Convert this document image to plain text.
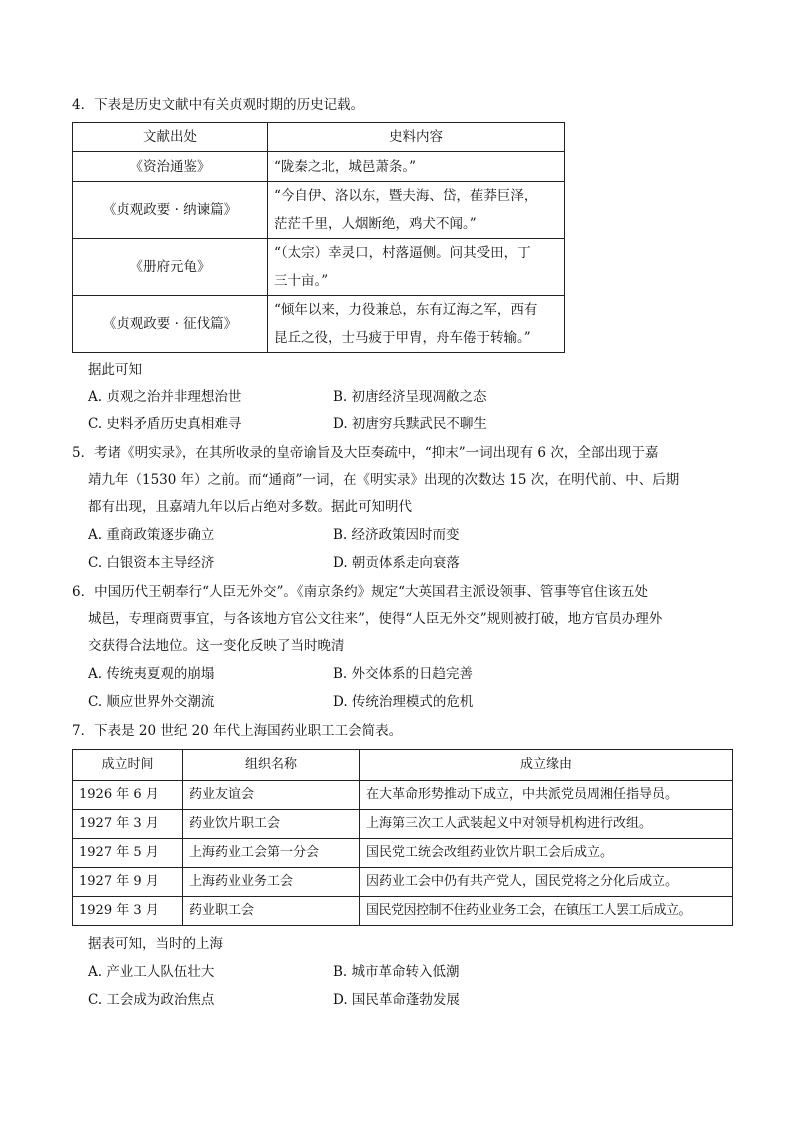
4．下表是历史文献中有关贞观时期的历史记载。
文献出处	史料内容
《资治通鉴》	“陇秦之北，城邑萧条。”
《贞观政要 · 纳谏篇》	“今自伊、洛以东，暨夫海、岱，萑莽巨泽，
茫茫千里，人烟断绝，鸡犬不闻。”

《册府元龟》	“（太宗）幸灵口，村落逼侧。问其受田，丁
三十亩。”

《贞观政要 · 征伐篇》	“倾年以来，力役兼总，东有辽海之军，西有
昆丘之役，士马疲于甲胄，舟车倦于转输。”
据此可知
A. 贞观之治并非理想治世	B. 初唐经济呈现凋敝之态
C. 史料矛盾历史真相难寻	D. 初唐穷兵黩武民不聊生
5．考诸《明实录》，在其所收录的皇帝谕旨及大臣奏疏中，“抑末”一词出现有 6 次，全部出现于嘉
靖九年（1530 年）之前。而“通商”一词，在《明实录》出现的次数达 15 次，在明代前、中、后期
都有出现，且嘉靖九年以后占绝对多数。据此可知明代
A. 重商政策逐步确立	B. 经济政策因时而变
C. 白银资本主导经济	D. 朝贡体系走向衰落
6．中国历代王朝奉行“人臣无外交”。《南京条约》规定“大英国君主派设领事、管事等官住该五处
城邑，专理商贾事宜，与各该地方官公文往来”，使得“人臣无外交”规则被打破，地方官员办理外
交获得合法地位。这一变化反映了当时晚清
A. 传统夷夏观的崩塌	B. 外交体系的日趋完善
C. 顺应世界外交潮流	D. 传统治理模式的危机
7．下表是 20 世纪 20 年代上海国药业职工工会简表。
成立时间	组织名称	成立缘由
1926 年 6 月	药业友谊会	在大革命形势推动下成立，中共派党员周湘任指导员。
1927 年 3 月	药业饮片职工会	上海第三次工人武装起义中对领导机构进行改组。
1927 年 5 月	上海药业工会第一分会	国民党工统会改组药业饮片职工会后成立。
1927 年 9 月	上海药业业务工会	因药业工会中仍有共产党人，国民党将之分化后成立。
1929 年 3 月	药业职工会	国民党因控制不住药业业务工会，在镇压工人罢工后成立。
据表可知，当时的上海
A. 产业工人队伍壮大	B. 城市革命转入低潮
C. 工会成为政治焦点	D. 国民革命蓬勃发展
